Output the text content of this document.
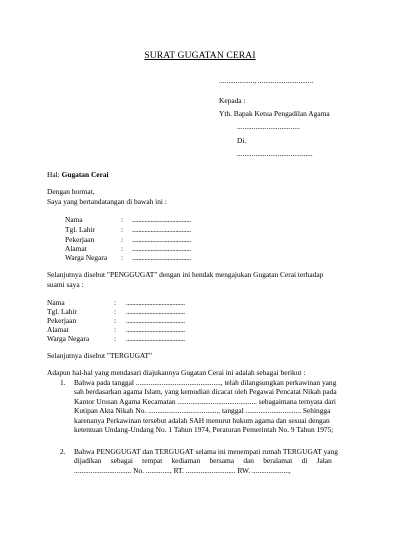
SURAT GUGATAN CERAI
..................., ..............................
Kepada :
Yth. Bapak Ketua Pengadilan Agama
..................................
Di.
.........................................
Hal: Gugatan Cerai
Dengan hormat,
Saya yang bertandatangan di bawah ini :
Nama	: ......................................
Tgl. Lahir	: ......................................
Pekerjaan	: ......................................
Alamat	: ......................................
Warga Negara : ......................................
Selanjutnya disebut "PENGGUGAT" dengan ini hendak mengajukan Gugatan Cerai terhadap
suami saya :
Nama	: ......................................
Tgl. Lahir	: ......................................
Pekerjaan	: ......................................
Alamat	: ......................................
Warga Negara	: ......................................
Selanjutnya disebut "TERGUGAT"
Adapun hal-hal yang mendasari diajukannya Gugatan Cerai ini adalah sebagai berikut :
1. Bahwa pada tanggal .............................................., telah dilangsungkan perkawinan yang
sah berdasarkan agama Islam, yang kemudian dicacat oleh Pegawai Pencatat Nikah pada
Kantor Urusan Agama Kecamatan ........................................... sebagaimana ternyata dari
Kutipan Akta Nikah No. ....................................... tanggal .............................. Sehingga
karenanya Perkawinan tersebut adalah SAH menurut hukum agama dan sesuai dengan
ketentuan Undang-Undang No. 1 Tahun 1974, Peraturan Pemerintah No. 9 Tahun 1975;
2. Bahwa PENGGUGAT dan TERGUGAT selama ini menempati rumah TERGUGAT yang
dijadikan     sebagai     tempat     kediaman     bersama     dan     beralamat     di     Jalan
............................... No. ............., RT. ........................... RW. ....................,
